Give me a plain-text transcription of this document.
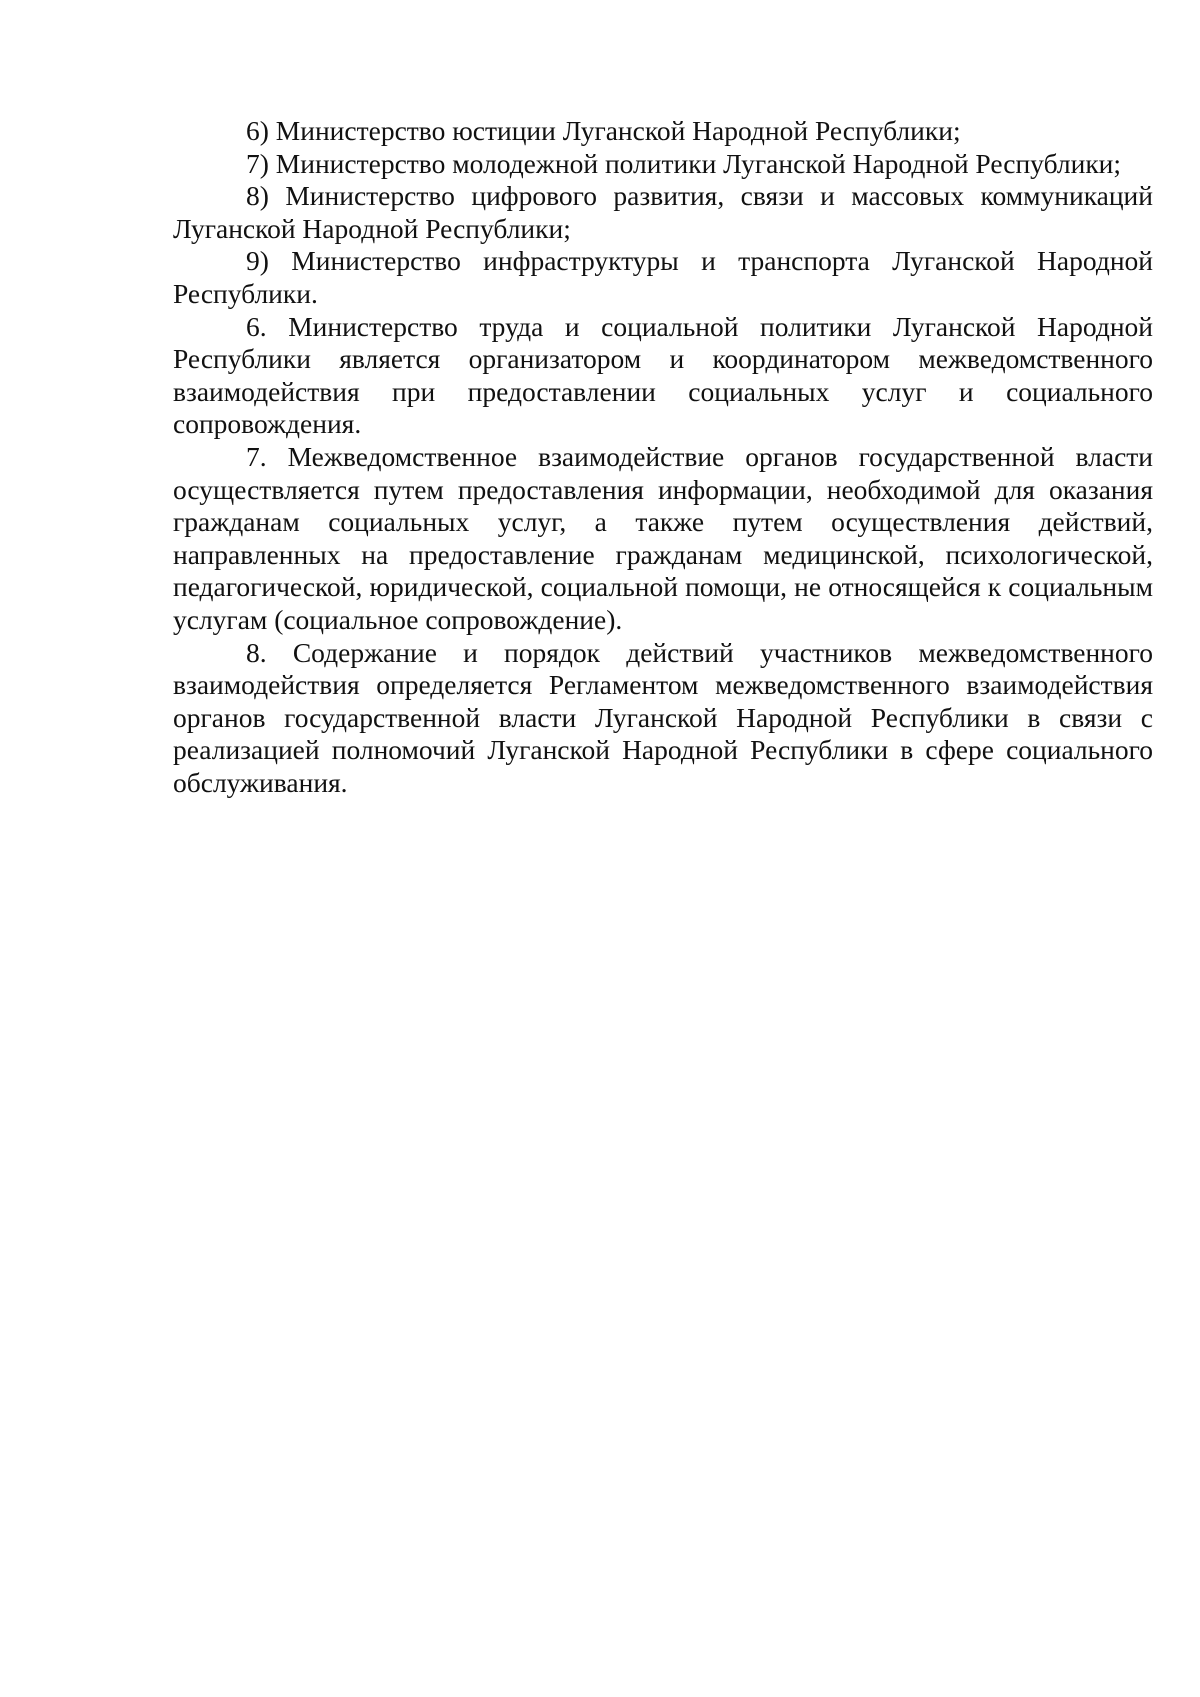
6) Министерство юстиции Луганской Народной Республики;

7) Министерство молодежной политики Луганской Народной Республики;

8) Министерство цифрового развития, связи и массовых коммуникаций Луганской Народной Республики;

9) Министерство инфраструктуры и транспорта Луганской Народной Республики.

6. Министерство труда и социальной политики Луганской Народной Республики является организатором и координатором межведомственного взаимодействия при предоставлении социальных услуг и социального сопровождения.

7. Межведомственное взаимодействие органов государственной власти осуществляется путем предоставления информации, необходимой для оказания гражданам социальных услуг, а также путем осуществления действий, направленных на предоставление гражданам медицинской, психологической, педагогической, юридической, социальной помощи, не относящейся к социальным услугам (социальное сопровождение).

8. Содержание и порядок действий участников межведомственного взаимодействия определяется Регламентом межведомственного взаимодействия органов государственной власти Луганской Народной Республики в связи с реализацией полномочий Луганской Народной Республики в сфере социального обслуживания.
